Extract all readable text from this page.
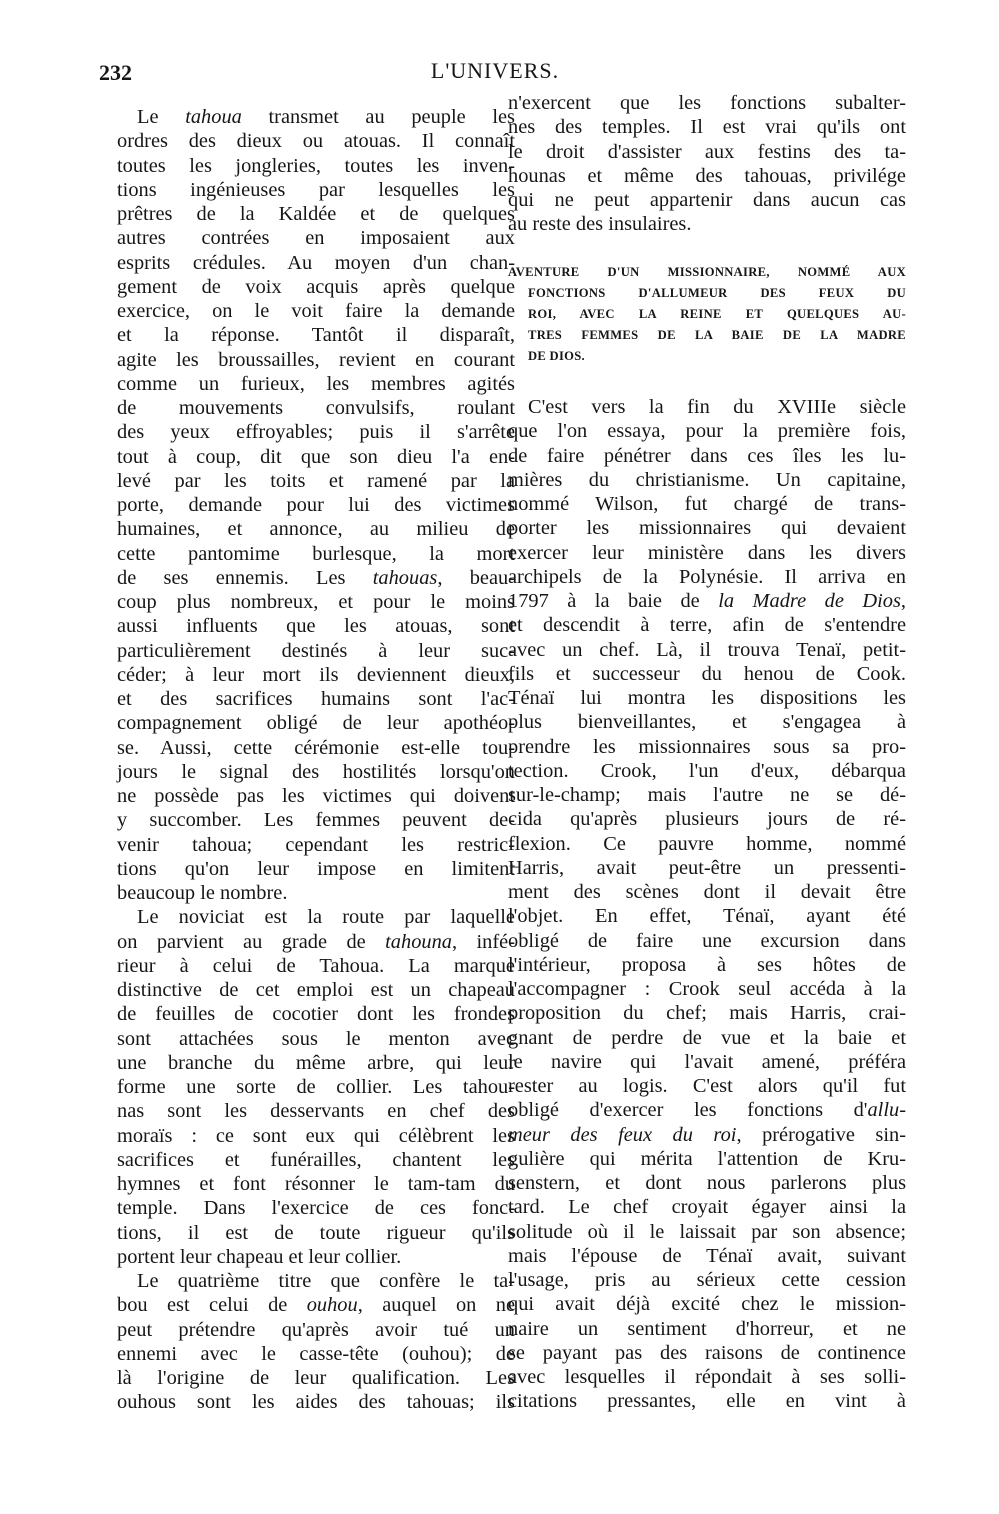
232	L'UNIVERS.
Le tahoua transmet au peuple les
ordres des dieux ou atouas. Il connaît
toutes les jongleries, toutes les inven-
tions ingénieuses par lesquelles les
prêtres de la Kaldée et de quelques
autres contrées en imposaient aux
esprits crédules. Au moyen d'un chan-
gement de voix acquis après quelque
exercice, on le voit faire la demande
et la réponse. Tantôt il disparaît,
agite les broussailles, revient en courant
comme un furieux, les membres agités
de mouvements convulsifs, roulant
des yeux effroyables; puis il s'arrête
tout à coup, dit que son dieu l'a en-
levé par les toits et ramené par la
porte, demande pour lui des victimes
humaines, et annonce, au milieu de
cette pantomime burlesque, la mort
de ses ennemis. Les tahouas, beau-
coup plus nombreux, et pour le moins
aussi influents que les atouas, sont
particulièrement destinés à leur suc-
céder; à leur mort ils deviennent dieux,
et des sacrifices humains sont l'ac-
compagnement obligé de leur apothéo-
se. Aussi, cette cérémonie est-elle tou-
jours le signal des hostilités lorsqu'on
ne possède pas les victimes qui doivent
y succomber. Les femmes peuvent de-
venir tahoua; cependant les restric-
tions qu'on leur impose en limitent
beaucoup le nombre.
Le noviciat est la route par laquelle
on parvient au grade de tahouna, infé-
rieur à celui de Tahoua. La marque
distinctive de cet emploi est un chapeau
de feuilles de cocotier dont les frondes
sont attachées sous le menton avec
une branche du même arbre, qui leur
forme une sorte de collier. Les tahou-
nas sont les desservants en chef des
moraïs : ce sont eux qui célèbrent les
sacrifices et funérailles, chantent les
hymnes et font résonner le tam-tam du
temple. Dans l'exercice de ces fonc-
tions, il est de toute rigueur qu'ils
portent leur chapeau et leur collier.
Le quatrième titre que confère le ta-
bou est celui de ouhou, auquel on ne
peut prétendre qu'après avoir tué un
ennemi avec le casse-tête (ouhou); de
là l'origine de leur qualification. Les
ouhous sont les aides des tahouas; ils
n'exercent que les fonctions subalter-
nes des temples. Il est vrai qu'ils ont
le droit d'assister aux festins des ta-
hounas et même des tahouas, privilége
qui ne peut appartenir dans aucun cas
au reste des insulaires.
AVENTURE D'UN MISSIONNAIRE, NOMMÉ AUX
FONCTIONS D'ALLUMEUR DES FEUX DU
ROI, AVEC LA REINE ET QUELQUES AU-
TRES FEMMES DE LA BAIE DE LA MADRE
DE DIOS.
C'est vers la fin du XVIIIe siècle
que l'on essaya, pour la première fois,
de faire pénétrer dans ces îles les lu-
mières du christianisme. Un capitaine,
nommé Wilson, fut chargé de trans-
porter les missionnaires qui devaient
exercer leur ministère dans les divers
archipels de la Polynésie. Il arriva en
1797 à la baie de la Madre de Dios,
et descendit à terre, afin de s'entendre
avec un chef. Là, il trouva Tenaï, petit-
fils et successeur du henou de Cook.
Ténaï lui montra les dispositions les
plus bienveillantes, et s'engagea à
prendre les missionnaires sous sa pro-
tection. Crook, l'un d'eux, débarqua
sur-le-champ; mais l'autre ne se dé-
cida qu'après plusieurs jours de ré-
flexion. Ce pauvre homme, nommé
Harris, avait peut-être un pressenti-
ment des scènes dont il devait être
l'objet. En effet, Ténaï, ayant été
obligé de faire une excursion dans
l'intérieur, proposa à ses hôtes de
l'accompagner : Crook seul accéda à la
proposition du chef; mais Harris, crai-
gnant de perdre de vue et la baie et
le navire qui l'avait amené, préféra
rester au logis. C'est alors qu'il fut
obligé d'exercer les fonctions d'allu-
meur des feux du roi, prérogative sin-
gulière qui mérita l'attention de Kru-
senstern, et dont nous parlerons plus
tard. Le chef croyait égayer ainsi la
solitude où il le laissait par son absence;
mais l'épouse de Ténaï avait, suivant
l'usage, pris au sérieux cette cession
qui avait déjà excité chez le mission-
naire un sentiment d'horreur, et ne
se payant pas des raisons de continence
avec lesquelles il répondait à ses solli-
citations pressantes, elle en vint à
